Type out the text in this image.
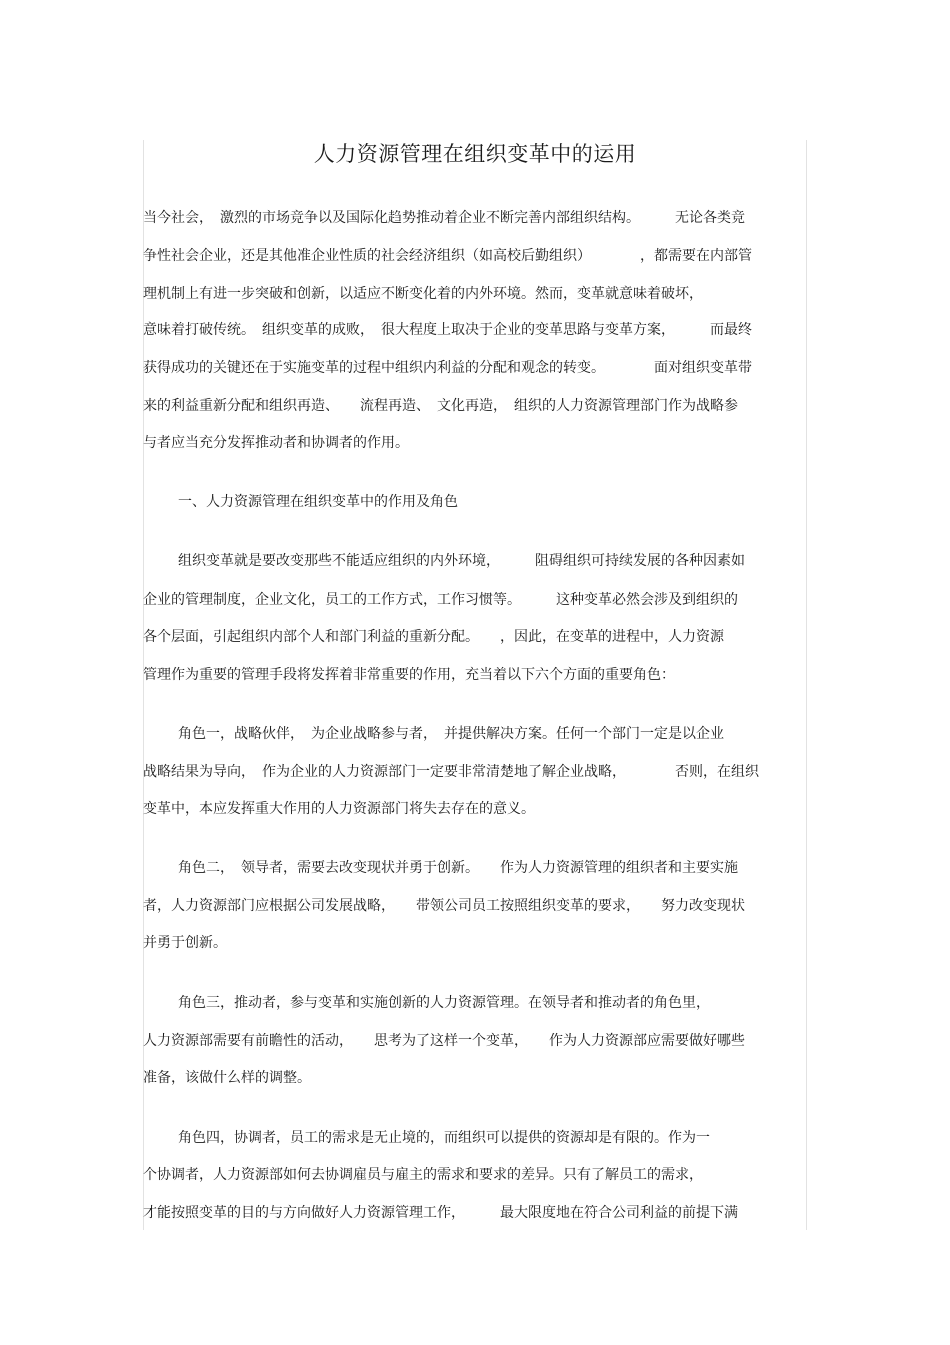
人力资源管理在组织变革中的运用
当今社会，　激烈的市场竞争以及国际化趋势推动着企业不断完善内部组织结构。　　　无论各类竞
争性社会企业，还是其他准企业性质的社会经济组织（如高校后勤组织）　　　　，都需要在内部管
理机制上有进一步突破和创新，以适应不断变化着的内外环境。然而，变革就意味着破坏，
意味着打破传统。　组织变革的成败，　很大程度上取决于企业的变革思路与变革方案，　　　而最终
获得成功的关键还在于实施变革的过程中组织内利益的分配和观念的转变。　　　　面对组织变革带
来的利益重新分配和组织再造、　　流程再造、　文化再造，　组织的人力资源管理部门作为战略参
与者应当充分发挥推动者和协调者的作用。
一、人力资源管理在组织变革中的作用及角色
组织变革就是要改变那些不能适应组织的内外环境，　　　阻碍组织可持续发展的各种因素如
企业的管理制度，企业文化，员工的工作方式，工作习惯等。　　　这种变革必然会涉及到组织的
各个层面，引起组织内部个人和部门利益的重新分配。　　，因此，在变革的进程中，人力资源
管理作为重要的管理手段将发挥着非常重要的作用，充当着以下六个方面的重要角色：
角色一，战略伙伴，　为企业战略参与者，　并提供解决方案。任何一个部门一定是以企业
战略结果为导向，　作为企业的人力资源部门一定要非常清楚地了解企业战略，　　　　否则，在组织
变革中，本应发挥重大作用的人力资源部门将失去存在的意义。
角色二，　领导者，需要去改变现状并勇于创新。　　作为人力资源管理的组织者和主要实施
者，人力资源部门应根据公司发展战略，　　带领公司员工按照组织变革的要求，　　努力改变现状
并勇于创新。
角色三，推动者，参与变革和实施创新的人力资源管理。在领导者和推动者的角色里，
人力资源部需要有前瞻性的活动，　　思考为了这样一个变革，　　作为人力资源部应需要做好哪些
准备，该做什么样的调整。
角色四，协调者，员工的需求是无止境的，而组织可以提供的资源却是有限的。作为一
个协调者，人力资源部如何去协调雇员与雇主的需求和要求的差异。只有了解员工的需求，
才能按照变革的目的与方向做好人力资源管理工作，　　　最大限度地在符合公司利益的前提下满
